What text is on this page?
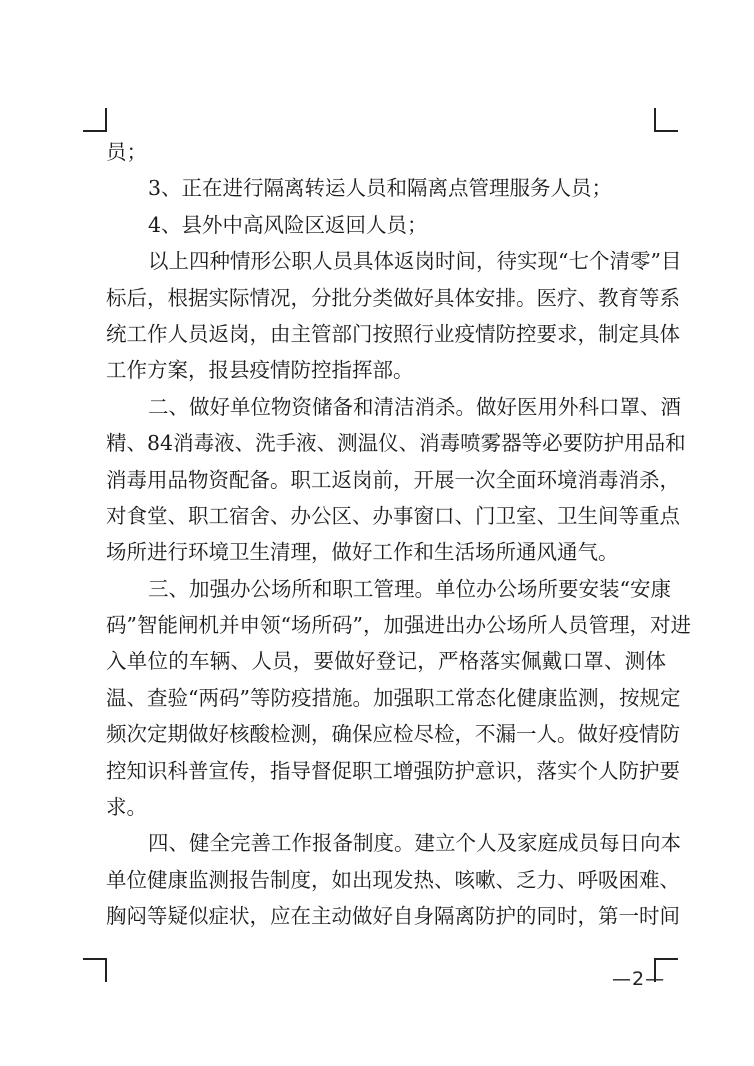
员；
3、正在进行隔离转运人员和隔离点管理服务人员；
4、县外中高风险区返回人员；
以上四种情形公职人员具体返岗时间，待实现“七个清零”目
标后，根据实际情况，分批分类做好具体安排。医疗、教育等系
统工作人员返岗，由主管部门按照行业疫情防控要求，制定具体
工作方案，报县疫情防控指挥部。
二、做好单位物资储备和清洁消杀。做好医用外科口罩、酒
精、84消毒液、洗手液、测温仪、消毒喷雾器等必要防护用品和
消毒用品物资配备。职工返岗前，开展一次全面环境消毒消杀，
对食堂、职工宿舍、办公区、办事窗口、门卫室、卫生间等重点
场所进行环境卫生清理，做好工作和生活场所通风通气。
三、加强办公场所和职工管理。单位办公场所要安装“安康
码”智能闸机并申领“场所码”，加强进出办公场所人员管理，对进
入单位的车辆、人员，要做好登记，严格落实佩戴口罩、测体
温、查验“两码”等防疫措施。加强职工常态化健康监测，按规定
频次定期做好核酸检测，确保应检尽检，不漏一人。做好疫情防
控知识科普宣传，指导督促职工增强防护意识，落实个人防护要
求。
四、健全完善工作报备制度。建立个人及家庭成员每日向本
单位健康监测报告制度，如出现发热、咳嗽、乏力、呼吸困难、
胸闷等疑似症状，应在主动做好自身隔离防护的同时，第一时间
—2—
